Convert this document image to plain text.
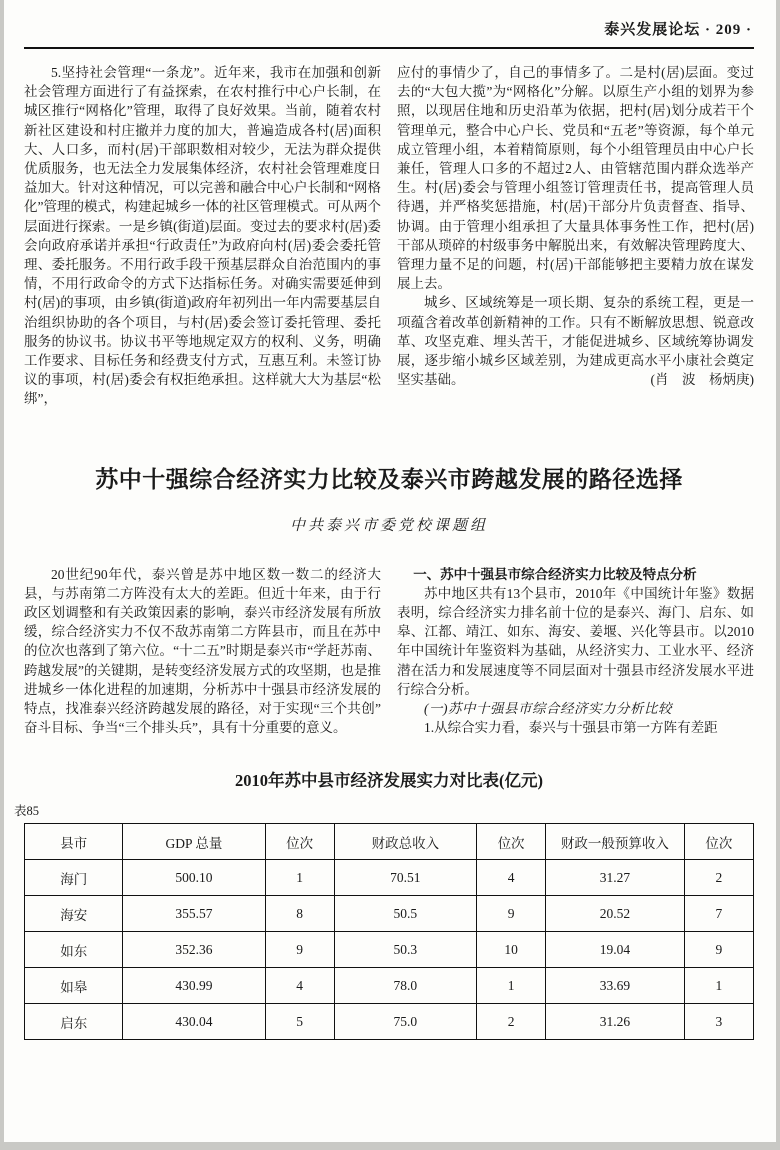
泰兴发展论坛 · 209 ·

5.坚持社会管理“一条龙”。近年来，我市在加强和创新社会管理方面进行了有益探索，在农村推行中心户长制，在城区推行“网格化”管理，取得了良好效果。当前，随着农村新社区建设和村庄撤并力度的加大，普遍造成各村(居)面积大、人口多，而村(居)干部职数相对较少，无法为群众提供优质服务，也无法全力发展集体经济，农村社会管理难度日益加大。针对这种情况，可以完善和融合中心户长制和“网格化”管理的模式，构建起城乡一体的社区管理模式。可从两个层面进行探索。一是乡镇(街道)层面。变过去的要求村(居)委会向政府承诺并承担“行政责任”为政府向村(居)委会委托管理、委托服务。不用行政手段干预基层群众自治范围内的事情，不用行政命令的方式下达指标任务。对确实需要延伸到村(居)的事项，由乡镇(街道)政府年初列出一年内需要基层自治组织协助的各个项目，与村(居)委会签订委托管理、委托服务的协议书。协议书平等地规定双方的权利、义务，明确工作要求、目标任务和经费支付方式，互惠互利。未签订协议的事项，村(居)委会有权拒绝承担。这样就大大为基层“松绑”，

应付的事情少了，自己的事情多了。二是村(居)层面。变过去的“大包大揽”为“网格化”分解。以原生产小组的划界为参照，以现居住地和历史沿革为依据，把村(居)划分成若干个管理单元，整合中心户长、党员和“五老”等资源，每个单元成立管理小组，本着精简原则，每个小组管理员由中心户长兼任，管理人口多的不超过2人、由管辖范围内群众选举产生。村(居)委会与管理小组签订管理责任书，提高管理人员待遇，并严格奖惩措施，村(居)干部分片负责督查、指导、协调。由于管理小组承担了大量具体事务性工作，把村(居)干部从琐碎的村级事务中解脱出来，有效解决管理跨度大、管理力量不足的问题，村(居)干部能够把主要精力放在谋发展上去。

城乡、区域统筹是一项长期、复杂的系统工程，更是一项蕴含着改革创新精神的工作。只有不断解放思想、锐意改革、攻坚克难、埋头苦干，才能促进城乡、区域统筹协调发展，逐步缩小城乡区域差别，为建成更高水平小康社会奠定坚实基础。	(肖　波　杨炳庚)

苏中十强综合经济实力比较及泰兴市跨越发展的路径选择

中共泰兴市委党校课题组

20世纪90年代，泰兴曾是苏中地区数一数二的经济大县，与苏南第二方阵没有太大的差距。但近十年来，由于行政区划调整和有关政策因素的影响，泰兴市经济发展有所放缓，综合经济实力不仅不敌苏南第二方阵县市，而且在苏中的位次也落到了第六位。“十二五”时期是泰兴市“学赶苏南、跨越发展”的关键期，是转变经济发展方式的攻坚期，也是推进城乡一体化进程的加速期，分析苏中十强县市经济发展的特点，找准泰兴经济跨越发展的路径，对于实现“三个共创”奋斗目标、争当“三个排头兵”，具有十分重要的意义。

一、苏中十强县市综合经济实力比较及特点分析

苏中地区共有13个县市，2010年《中国统计年鉴》数据表明，综合经济实力排名前十位的是泰兴、海门、启东、如皋、江都、靖江、如东、海安、姜堰、兴化等县市。以2010年中国统计年鉴资料为基础，从经济实力、工业水平、经济潜在活力和发展速度等不同层面对十强县市经济发展水平进行综合分析。

(一)苏中十强县市综合经济实力分析比较

1.从综合实力看，泰兴与十强县市第一方阵有差距

2010年苏中县市经济发展实力对比表(亿元)

表85

县市	GDP 总量	位次	财政总收入	位次	财政一般预算收入	位次
海门	500.10	1	70.51	4	31.27	2
海安	355.57	8	50.5	9	20.52	7
如东	352.36	9	50.3	10	19.04	9
如皋	430.99	4	78.0	1	33.69	1
启东	430.04	5	75.0	2	31.26	3
